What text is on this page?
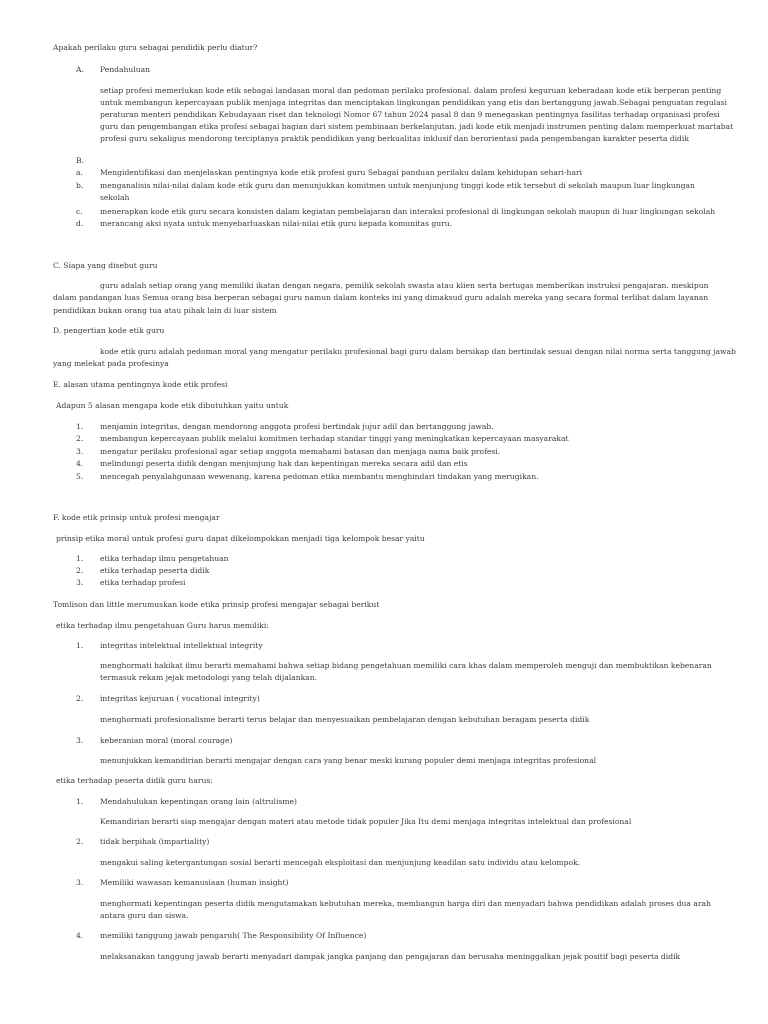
Apakah perilaku guru sebagai pendidik perlu diatur?
A. Pendahuluan
setiap profesi memerlukan kode etik sebagai landasan moral dan pedoman perilaku profesional. dalam profesi keguruan keberadaan kode etik berperan penting
untuk membangun kepercayaan publik menjaga integritas dan menciptakan lingkungan pendidikan yang etis dan bertanggung jawab.Sebagai penguatan regulasi
peraturan menteri pendidikan Kebudayaan riset dan teknologi Nomor 67 tahun 2024 pasal 8 dan 9 menegaskan pentingnya fasilitas terhadap organisasi profesi
guru dan pengembangan etika profesi sebagai bagian dari sistem pembinaan berkelanjutan. jadi kode etik menjadi instrumen penting dalam memperkuat martabat
profesi guru sekaligus mendorong terciptanya praktik pendidikan yang berkualitas inklusif dan berorientasi pada pengembangan karakter peserta didik
B.
a. Mengidentifikasi dan menjelaskan pentingnya kode etik profesi guru Sebagai panduan perilaku dalam kehidupan sehari-hari
b. menganalisis nilai-nilai dalam kode etik guru dan menunjukkan komitmen untuk menjunjung tinggi kode etik tersebut di sekolah maupun luar lingkungan
sekolah
c. menerapkan kode etik guru secara konsisten dalam kegiatan pembelajaran dan interaksi profesional di lingkungan sekolah maupun di luar lingkungan sekolah
d. merancang aksi nyata untuk menyebarluaskan nilai-nilai etik guru kepada komunitas guru.
C. Siapa yang disebut guru
guru adalah setiap orang yang memiliki ikatan dengan negara, pemilik sekolah swasta atau klien serta bertugas memberikan instruksi pengajaran. meskipun
dalam pandangan luas Semua orang bisa berperan sebagai guru namun dalam konteks ini yang dimaksud guru adalah mereka yang secara formal terlibat dalam layanan
pendidikan bukan orang tua atau pihak lain di luar sistem
D. pengertian kode etik guru
kode etik guru adalah pedoman moral yang mengatur perilaku profesional bagi guru dalam bersikap dan bertindak sesuai dengan nilai norma serta tanggung jawab
yang melekat pada profesinya
E. alasan utama pentingnya kode etik profesi
Adapun 5 alasan mengapa kode etik dibutuhkan yaitu untuk
1. menjamin integritas, dengan mendorong anggota profesi bertindak jujur adil dan bertanggung jawab.
2. membangun kepercayaan publik melalui komitmen terhadap standar tinggi yang meningkatkan kepercayaan masyarakat
3. mengatur perilaku profesional agar setiap anggota memahami batasan dan menjaga nama baik profesi.
4. melindungi peserta didik dengan menjunjung hak dan kepentingan mereka secara adil dan etis
5. mencegah penyalahgunaan wewenang, karena pedoman etika membantu menghindari tindakan yang merugikan.
F. kode etik prinsip untuk profesi mengajar
prinsip etika moral untuk profesi guru dapat dikelompokkan menjadi tiga kelompok besar yaitu
1. etika terhadap ilmu pengetahuan
2. etika terhadap peserta didik
3. etika terhadap profesi
Tomlison dan little merumuskan kode etika prinsip profesi mengajar sebagai berikut
etika terhadap ilmu pengetahuan Guru harus memiliki:
1. integritas intelektual intellektual integrity
menghormati hakikat ilmu berarti memahami bahwa setiap bidang pengetahuan memiliki cara khas dalam memperoleh menguji dan membuktikan kebenaran
termasuk rekam jejak metodologi yang telah dijalankan.
2. integritas kejuruan ( vocational integrity)
menghormati profesionalisme berarti terus belajar dan menyesuaikan pembelajaran dengan kebutuhan beragam peserta didik
3. keberanian moral (moral courage)
menunjukkan kemandirian berarti mengajar dengan cara yang benar meski kurang populer demi menjaga integritas profesional
etika terhadap peserta didik guru harus:
1. Mendahulukan kepentingan orang lain (altrulisme)
Kemandirian berarti siap mengajar dengan materi atau metode tidak populer Jika Itu demi menjaga integritas intelektual dan profesional
2. tidak berpihak (impartiality)
mengakui saling ketergantungan sosial berarti mencegah eksploitasi dan menjunjung keadilan satu individu atau kelompok.
3. Memiliki wawasan kemanusiaan (human insight)
menghormati kepentingan peserta didik mengutamakan kebutuhan mereka, membangun harga diri dan menyadari bahwa pendidikan adalah proses dua arah
antara guru dan siswa.
4. memiliki tanggung jawab pengaruh( The Responsibility Of Influence)
melaksanakan tanggung jawab berarti menyadari dampak jangka panjang dan pengajaran dan berusaha meninggalkan jejak positif bagi peserta didik
